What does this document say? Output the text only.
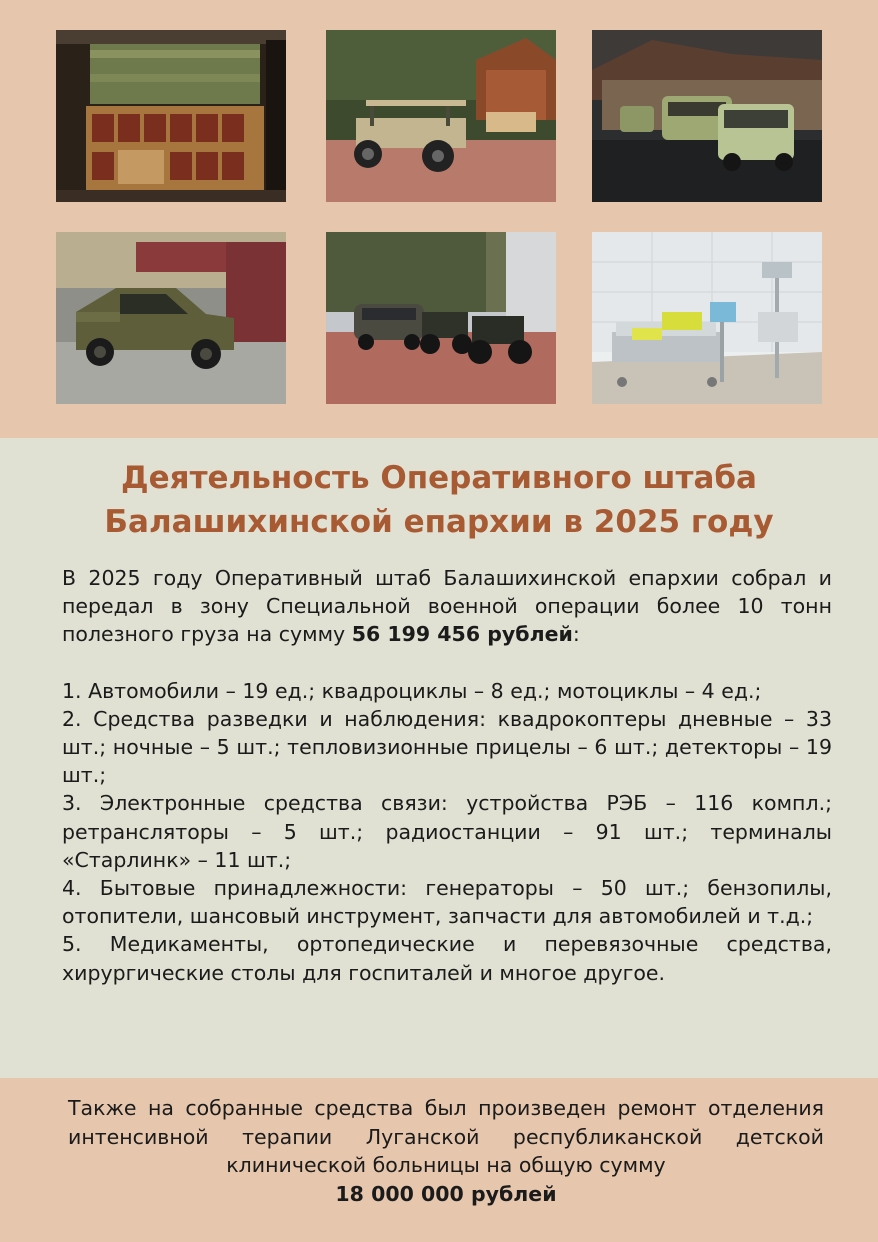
Деятельность Оперативного штаба
Балашихинской епархии в 2025 году

В 2025 году Оперативный штаб Балашихинской епархии собрал и передал в зону Специальной военной операции более 10 тонн полезного груза на сумму 56 199 456 рублей:

1. Автомобили – 19 ед.; квадроциклы – 8 ед.; мотоциклы – 4 ед.;

2. Средства разведки и наблюдения: квадрокоптеры дневные – 33 шт.; ночные – 5 шт.; тепловизионные прицелы – 6 шт.; детекторы – 19 шт.;

3. Электронные средства связи: устройства РЭБ – 116 компл.; ретрансляторы – 5 шт.; радиостанции – 91 шт.; терминалы «Старлинк» – 11 шт.;

4. Бытовые принадлежности: генераторы – 50 шт.; бензопилы, отопители, шансовый инструмент, запчасти для автомобилей и т.д.;

5. Медикаменты, ортопедические и перевязочные средства, хирургические столы для госпиталей и многое другое.

Также на собранные средства был произведен ремонт отделения интенсивной терапии Луганской республиканской детской клинической больницы на общую сумму
18 000 000 рублей
